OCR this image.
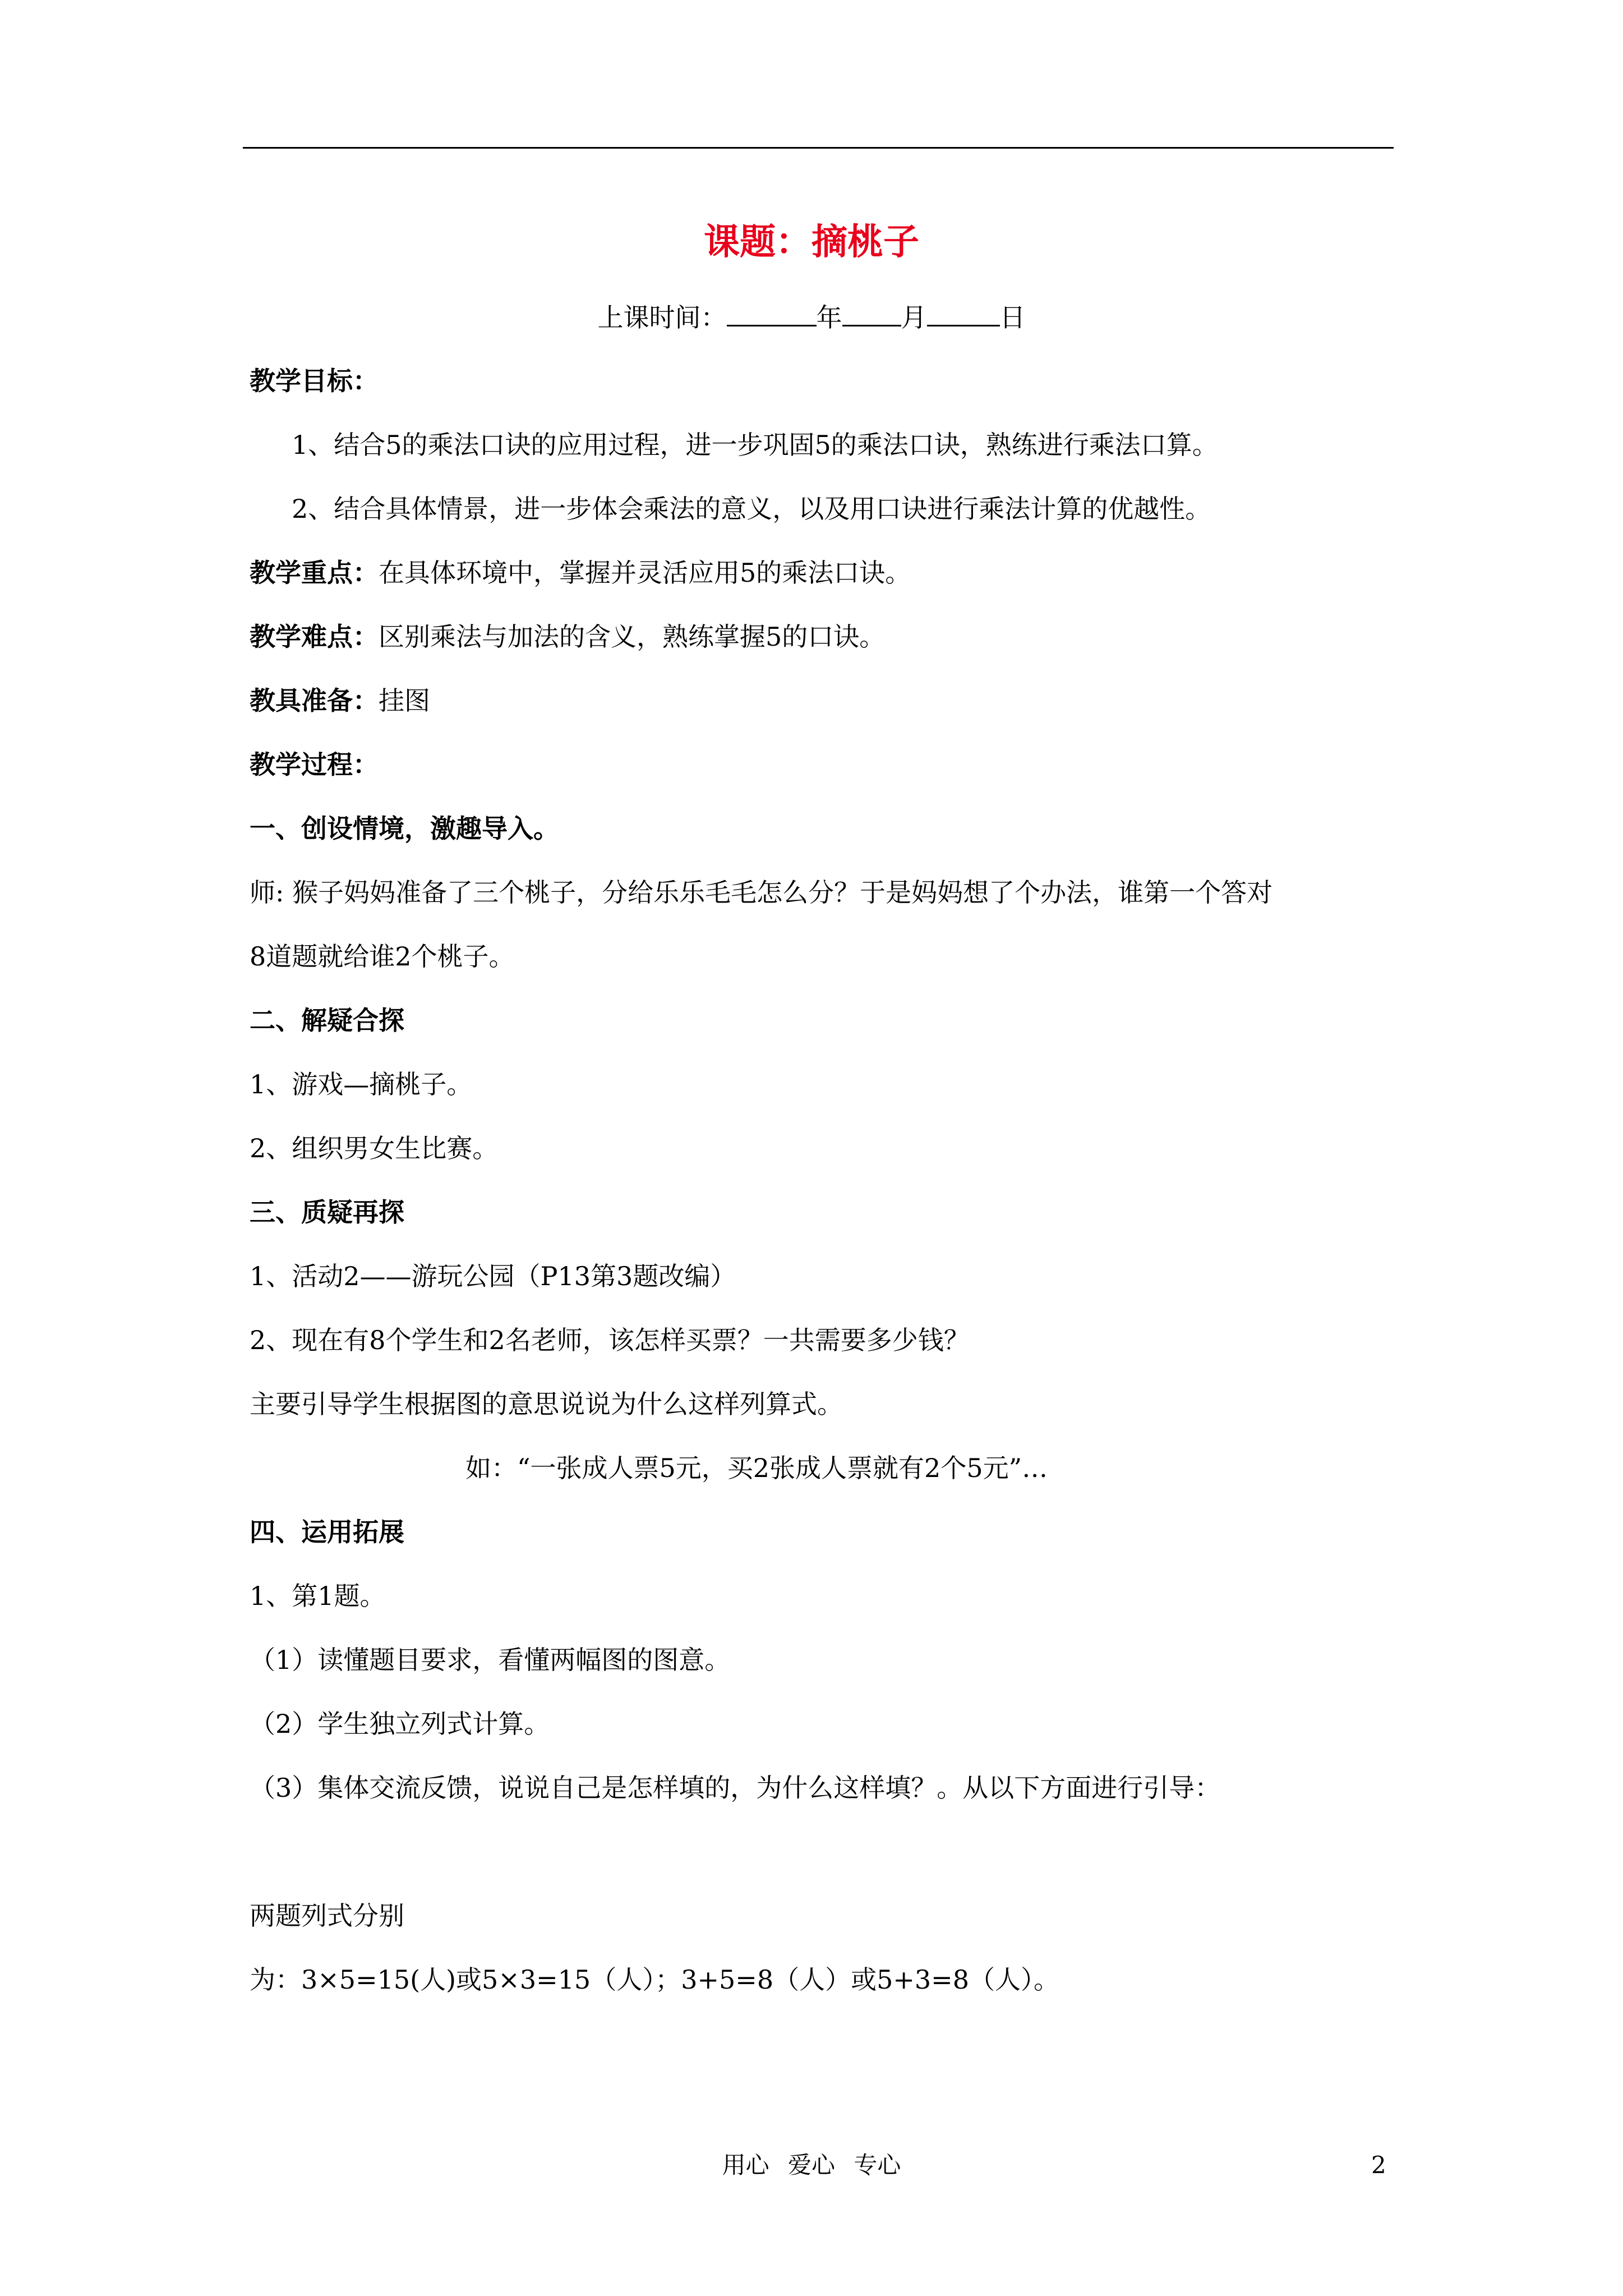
课题：摘桃子
上课时间：	年 月	日
教学目标：
1、结合5的乘法口诀的应用过程，进一步巩固5的乘法口诀，熟练进行乘法口算。
2、结合具体情景，进一步体会乘法的意义，以及用口诀进行乘法计算的优越性。
教学重点：在具体环境中，掌握并灵活应用5的乘法口诀。
教学难点：区别乘法与加法的含义，熟练掌握5的口诀。
教具准备：挂图
教学过程：
一、创设情境，激趣导入。
师: 猴子妈妈准备了三个桃子，分给乐乐毛毛怎么分？于是妈妈想了个办法，谁第一个答对
8道题就给谁2个桃子。
二、解疑合探
1、游戏—摘桃子。
2、组织男女生比赛。
三、质疑再探
1、活动2——游玩公园（P13第3题改编）
2、现在有8个学生和2名老师，该怎样买票？一共需要多少钱？
主要引导学生根据图的意思说说为什么这样列算式。
如：“一张成人票5元，买2张成人票就有2个5元”…
四、运用拓展
1、第1题。
（1）读懂题目要求，看懂两幅图的图意。
（2）学生独立列式计算。
（3）集体交流反馈，说说自己是怎样填的，为什么这样填？。从以下方面进行引导：
两题列式分别
为：3×5=15(人)或5×3=15（人）；3+5=8（人）或5+3=8（人）。
用心 爱心 专心	2
